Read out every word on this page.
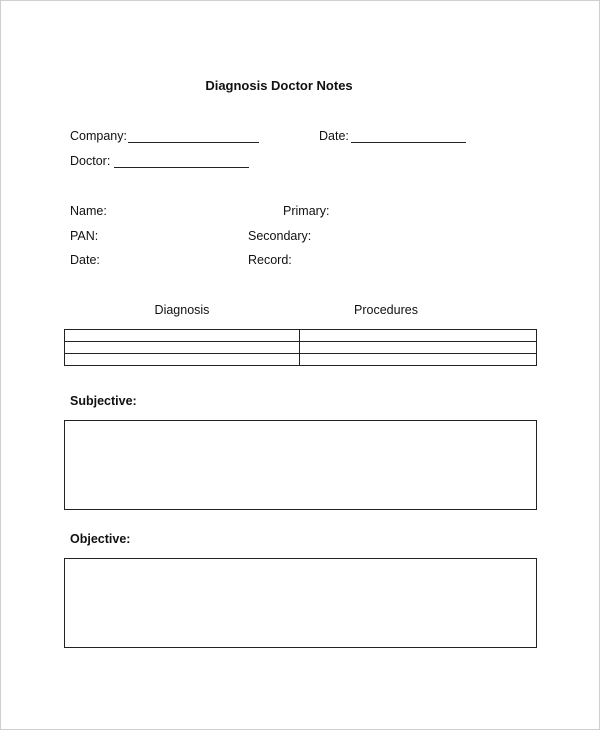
Diagnosis Doctor Notes
Company:	Date:
Doctor:
Name:	Primary:
PAN:	Secondary:
Date:	Record:
Diagnosis	Procedures

Subjective:
Objective:
